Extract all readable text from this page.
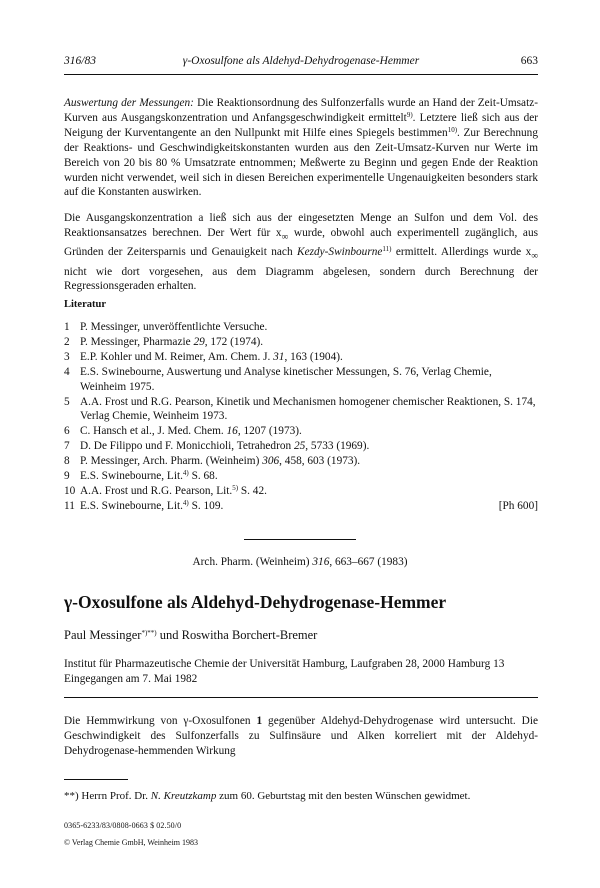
316/83	γ-Oxosulfone als Aldehyd-Dehydrogenase-Hemmer	663

Auswertung der Messungen: Die Reaktionsordnung des Sulfonzerfalls wurde an Hand der Zeit-Umsatz-Kurven aus Ausgangskonzentration und Anfangsgeschwindigkeit ermittelt$^{9)}$. Letztere ließ sich aus der Neigung der Kurventangente an den Nullpunkt mit Hilfe eines Spiegels bestimmen$^{10)}$. Zur Berechnung der Reaktions- und Geschwindigkeitskonstanten wurden aus den Zeit-Umsatz-Kurven nur Werte im Bereich von 20 bis 80 % Umsatzrate entnommen; Meßwerte zu Beginn und gegen Ende der Reaktion wurden nicht verwendet, weil sich in diesen Bereichen experimentelle Ungenauigkeiten besonders stark auf die Konstanten auswirken.

Die Ausgangskonzentration a ließ sich aus der eingesetzten Menge an Sulfon und dem Vol. des Reaktionsansatzes berechnen. Der Wert für $x_\infty$ wurde, obwohl auch experimentell zugänglich, aus Gründen der Zeitersparnis und Genauigkeit nach Kezdy-Swinbourne$^{11)}$ ermittelt. Allerdings wurde $x_\infty$ nicht wie dort vorgesehen, aus dem Diagramm abgelesen, sondern durch Berechnung der Regressionsgeraden erhalten.

Literatur
1 P. Messinger, unveröffentlichte Versuche.
2 P. Messinger, Pharmazie 29, 172 (1974).
3 E.P. Kohler und M. Reimer, Am. Chem. J. 31, 163 (1904).
4 E.S. Swinebourne, Auswertung und Analyse kinetischer Messungen, S. 76, Verlag Chemie, Weinheim 1975.
5 A.A. Frost und R.G. Pearson, Kinetik und Mechanismen homogener chemischer Reaktionen, S. 174, Verlag Chemie, Weinheim 1973.
6 C. Hansch et al., J. Med. Chem. 16, 1207 (1973).
7 D. De Filippo und F. Monicchioli, Tetrahedron 25, 5733 (1969).
8 P. Messinger, Arch. Pharm. (Weinheim) 306, 458, 603 (1973).
9 E.S. Swinebourne, Lit.$^{4)}$ S. 68.
10 A.A. Frost und R.G. Pearson, Lit.$^{5)}$ S. 42.
11 E.S. Swinebourne, Lit.$^{4)}$ S. 109.	[Ph 600]
Arch. Pharm. (Weinheim) 316, 663–667 (1983)
γ-Oxosulfone als Aldehyd-Dehydrogenase-Hemmer
Paul Messinger*)**) und Roswitha Borchert-Bremer
Institut für Pharmazeutische Chemie der Universität Hamburg, Laufgraben 28, 2000 Hamburg 13
Eingegangen am 7. Mai 1982
Die Hemmwirkung von γ-Oxosulfonen 1 gegenüber Aldehyd-Dehydrogenase wird untersucht. Die Geschwindigkeit des Sulfonzerfalls zu Sulfinsäure und Alken korreliert mit der Aldehyd-Dehydrogenase-hemmenden Wirkung
**) Herrn Prof. Dr. N. Kreutzkamp zum 60. Geburtstag mit den besten Wünschen gewidmet.
0365-6233/83/0808-0663 $ 02.50/0
© Verlag Chemie GmbH, Weinheim 1983
